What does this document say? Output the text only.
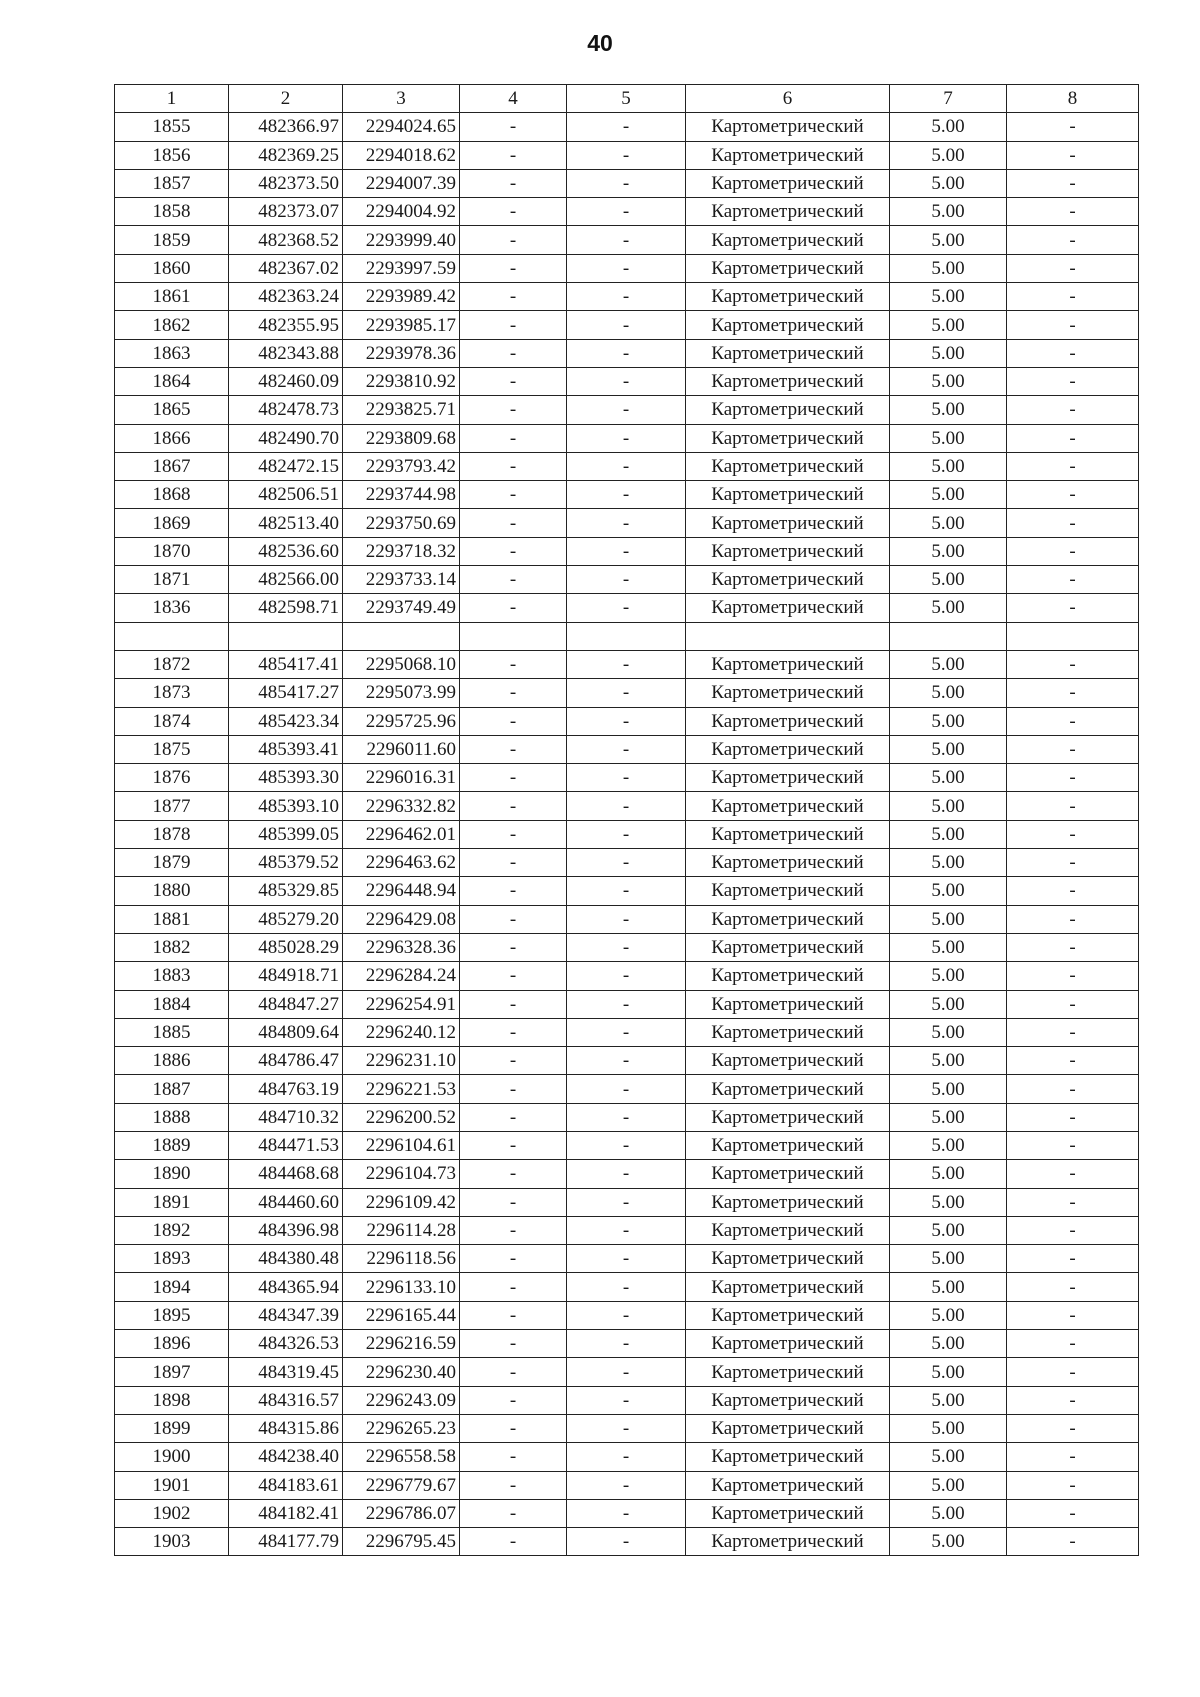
40
1	2	3	4	5	6	7	8
1855	482366.97	2294024.65	-	-	Картометрический	5.00	-
1856	482369.25	2294018.62	-	-	Картометрический	5.00	-
1857	482373.50	2294007.39	-	-	Картометрический	5.00	-
1858	482373.07	2294004.92	-	-	Картометрический	5.00	-
1859	482368.52	2293999.40	-	-	Картометрический	5.00	-
1860	482367.02	2293997.59	-	-	Картометрический	5.00	-
1861	482363.24	2293989.42	-	-	Картометрический	5.00	-
1862	482355.95	2293985.17	-	-	Картометрический	5.00	-
1863	482343.88	2293978.36	-	-	Картометрический	5.00	-
1864	482460.09	2293810.92	-	-	Картометрический	5.00	-
1865	482478.73	2293825.71	-	-	Картометрический	5.00	-
1866	482490.70	2293809.68	-	-	Картометрический	5.00	-
1867	482472.15	2293793.42	-	-	Картометрический	5.00	-
1868	482506.51	2293744.98	-	-	Картометрический	5.00	-
1869	482513.40	2293750.69	-	-	Картометрический	5.00	-
1870	482536.60	2293718.32	-	-	Картометрический	5.00	-
1871	482566.00	2293733.14	-	-	Картометрический	5.00	-
1836	482598.71	2293749.49	-	-	Картометрический	5.00	-

1872	485417.41	2295068.10	-	-	Картометрический	5.00	-
1873	485417.27	2295073.99	-	-	Картометрический	5.00	-
1874	485423.34	2295725.96	-	-	Картометрический	5.00	-
1875	485393.41	2296011.60	-	-	Картометрический	5.00	-
1876	485393.30	2296016.31	-	-	Картометрический	5.00	-
1877	485393.10	2296332.82	-	-	Картометрический	5.00	-
1878	485399.05	2296462.01	-	-	Картометрический	5.00	-
1879	485379.52	2296463.62	-	-	Картометрический	5.00	-
1880	485329.85	2296448.94	-	-	Картометрический	5.00	-
1881	485279.20	2296429.08	-	-	Картометрический	5.00	-
1882	485028.29	2296328.36	-	-	Картометрический	5.00	-
1883	484918.71	2296284.24	-	-	Картометрический	5.00	-
1884	484847.27	2296254.91	-	-	Картометрический	5.00	-
1885	484809.64	2296240.12	-	-	Картометрический	5.00	-
1886	484786.47	2296231.10	-	-	Картометрический	5.00	-
1887	484763.19	2296221.53	-	-	Картометрический	5.00	-
1888	484710.32	2296200.52	-	-	Картометрический	5.00	-
1889	484471.53	2296104.61	-	-	Картометрический	5.00	-
1890	484468.68	2296104.73	-	-	Картометрический	5.00	-
1891	484460.60	2296109.42	-	-	Картометрический	5.00	-
1892	484396.98	2296114.28	-	-	Картометрический	5.00	-
1893	484380.48	2296118.56	-	-	Картометрический	5.00	-
1894	484365.94	2296133.10	-	-	Картометрический	5.00	-
1895	484347.39	2296165.44	-	-	Картометрический	5.00	-
1896	484326.53	2296216.59	-	-	Картометрический	5.00	-
1897	484319.45	2296230.40	-	-	Картометрический	5.00	-
1898	484316.57	2296243.09	-	-	Картометрический	5.00	-
1899	484315.86	2296265.23	-	-	Картометрический	5.00	-
1900	484238.40	2296558.58	-	-	Картометрический	5.00	-
1901	484183.61	2296779.67	-	-	Картометрический	5.00	-
1902	484182.41	2296786.07	-	-	Картометрический	5.00	-
1903	484177.79	2296795.45	-	-	Картометрический	5.00	-
